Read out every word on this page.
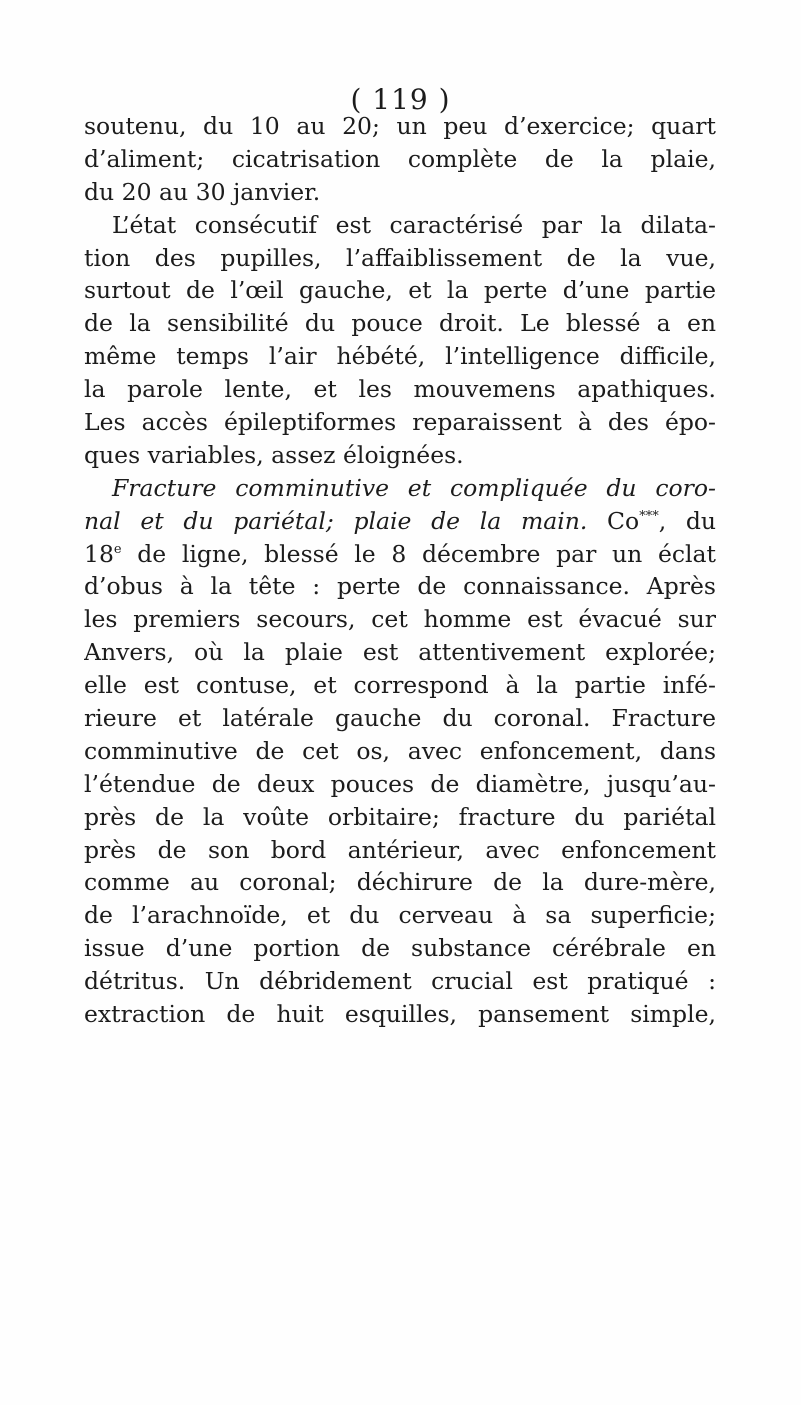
( 119 )
soutenu, du 10 au 20; un peu d’exercice; quart
d’aliment; cicatrisation complète de la plaie,
du 20 au 30 janvier.
L’état consécutif est caractérisé par la dilata-
tion des pupilles, l’affaiblissement de la vue,
surtout de l’œil gauche, et la perte d’une partie
de la sensibilité du pouce droit. Le blessé a en
même temps l’air hébété, l’intelligence difficile,
la parole lente, et les mouvemens apathiques.
Les accès épileptiformes reparaissent à des épo-
ques variables, assez éloignées.
Fracture comminutive et compliquée du coro-
nal et du pariétal; plaie de la main. Co***, du
18e de ligne, blessé le 8 décembre par un éclat
d’obus à la tête : perte de connaissance. Après
les premiers secours, cet homme est évacué sur
Anvers, où la plaie est attentivement explorée;
elle est contuse, et correspond à la partie infé-
rieure et latérale gauche du coronal. Fracture
comminutive de cet os, avec enfoncement, dans
l’étendue de deux pouces de diamètre, jusqu’au-
près de la voûte orbitaire; fracture du pariétal
près de son bord antérieur, avec enfoncement
comme au coronal; déchirure de la dure-mère,
de l’arachnoïde, et du cerveau à sa superficie;
issue d’une portion de substance cérébrale en
détritus. Un débridement crucial est pratiqué :
extraction de huit esquilles, pansement simple,
